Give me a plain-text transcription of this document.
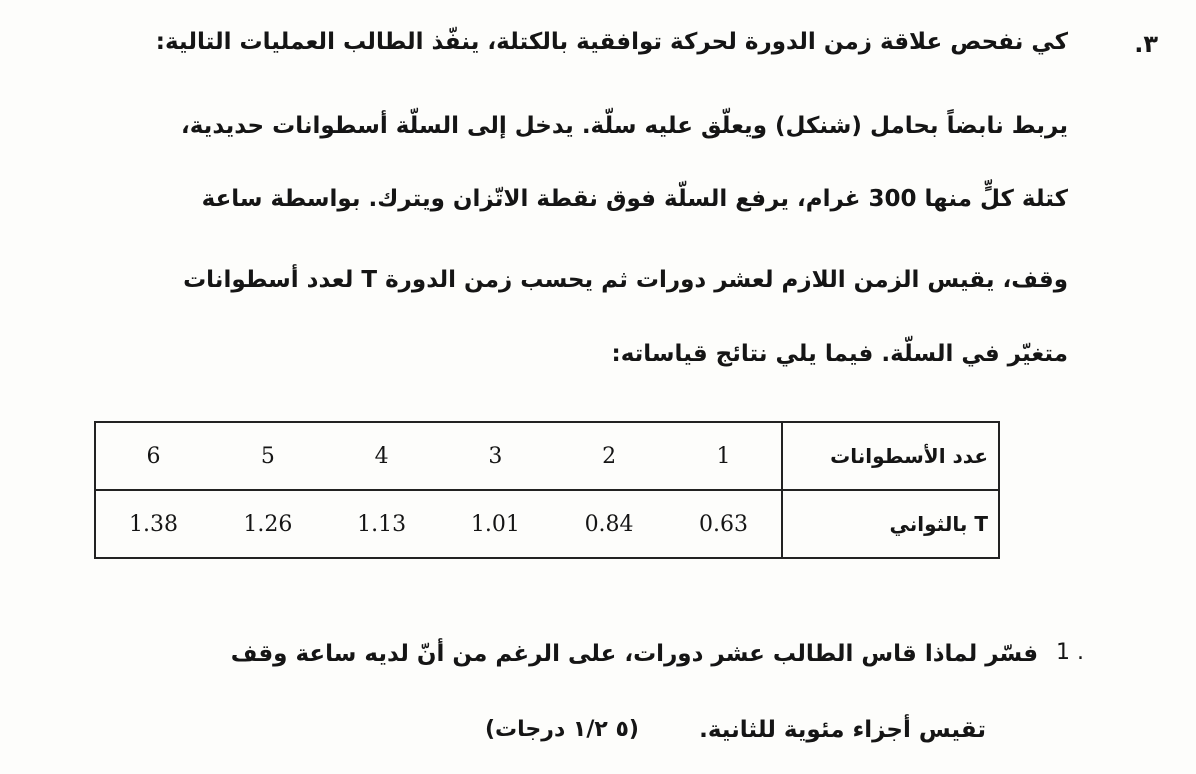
.٣
كي نفحص علاقة زمن الدورة لحركة توافقية بالكتلة، ينفّذ الطالب العمليات التالية:
يربط نابضاً بحامل (شنكل) ويعلّق عليه سلّة. يدخل إلى السلّة أسطوانات حديدية،
كتلة كلٍّ منها 300 غرام، يرفع السلّة فوق نقطة الاتّزان ويترك. بواسطة ساعة
وقف، يقيس الزمن اللازم لعشر دورات ثم يحسب زمن الدورة T لعدد أسطوانات
متغيّر في السلّة. فيما يلي نتائج قياساته:
6	5	4	3	2	1	عدد الأسطوانات
1.38	1.26	1.13	1.01	0.84	0.63	T بالثواني
1 .
فسّر لماذا قاس الطالب عشر دورات، على الرغم من أنّ لديه ساعة وقف
تقيس أجزاء مئوية للثانية.
(٥ ١/٢ درجات)
